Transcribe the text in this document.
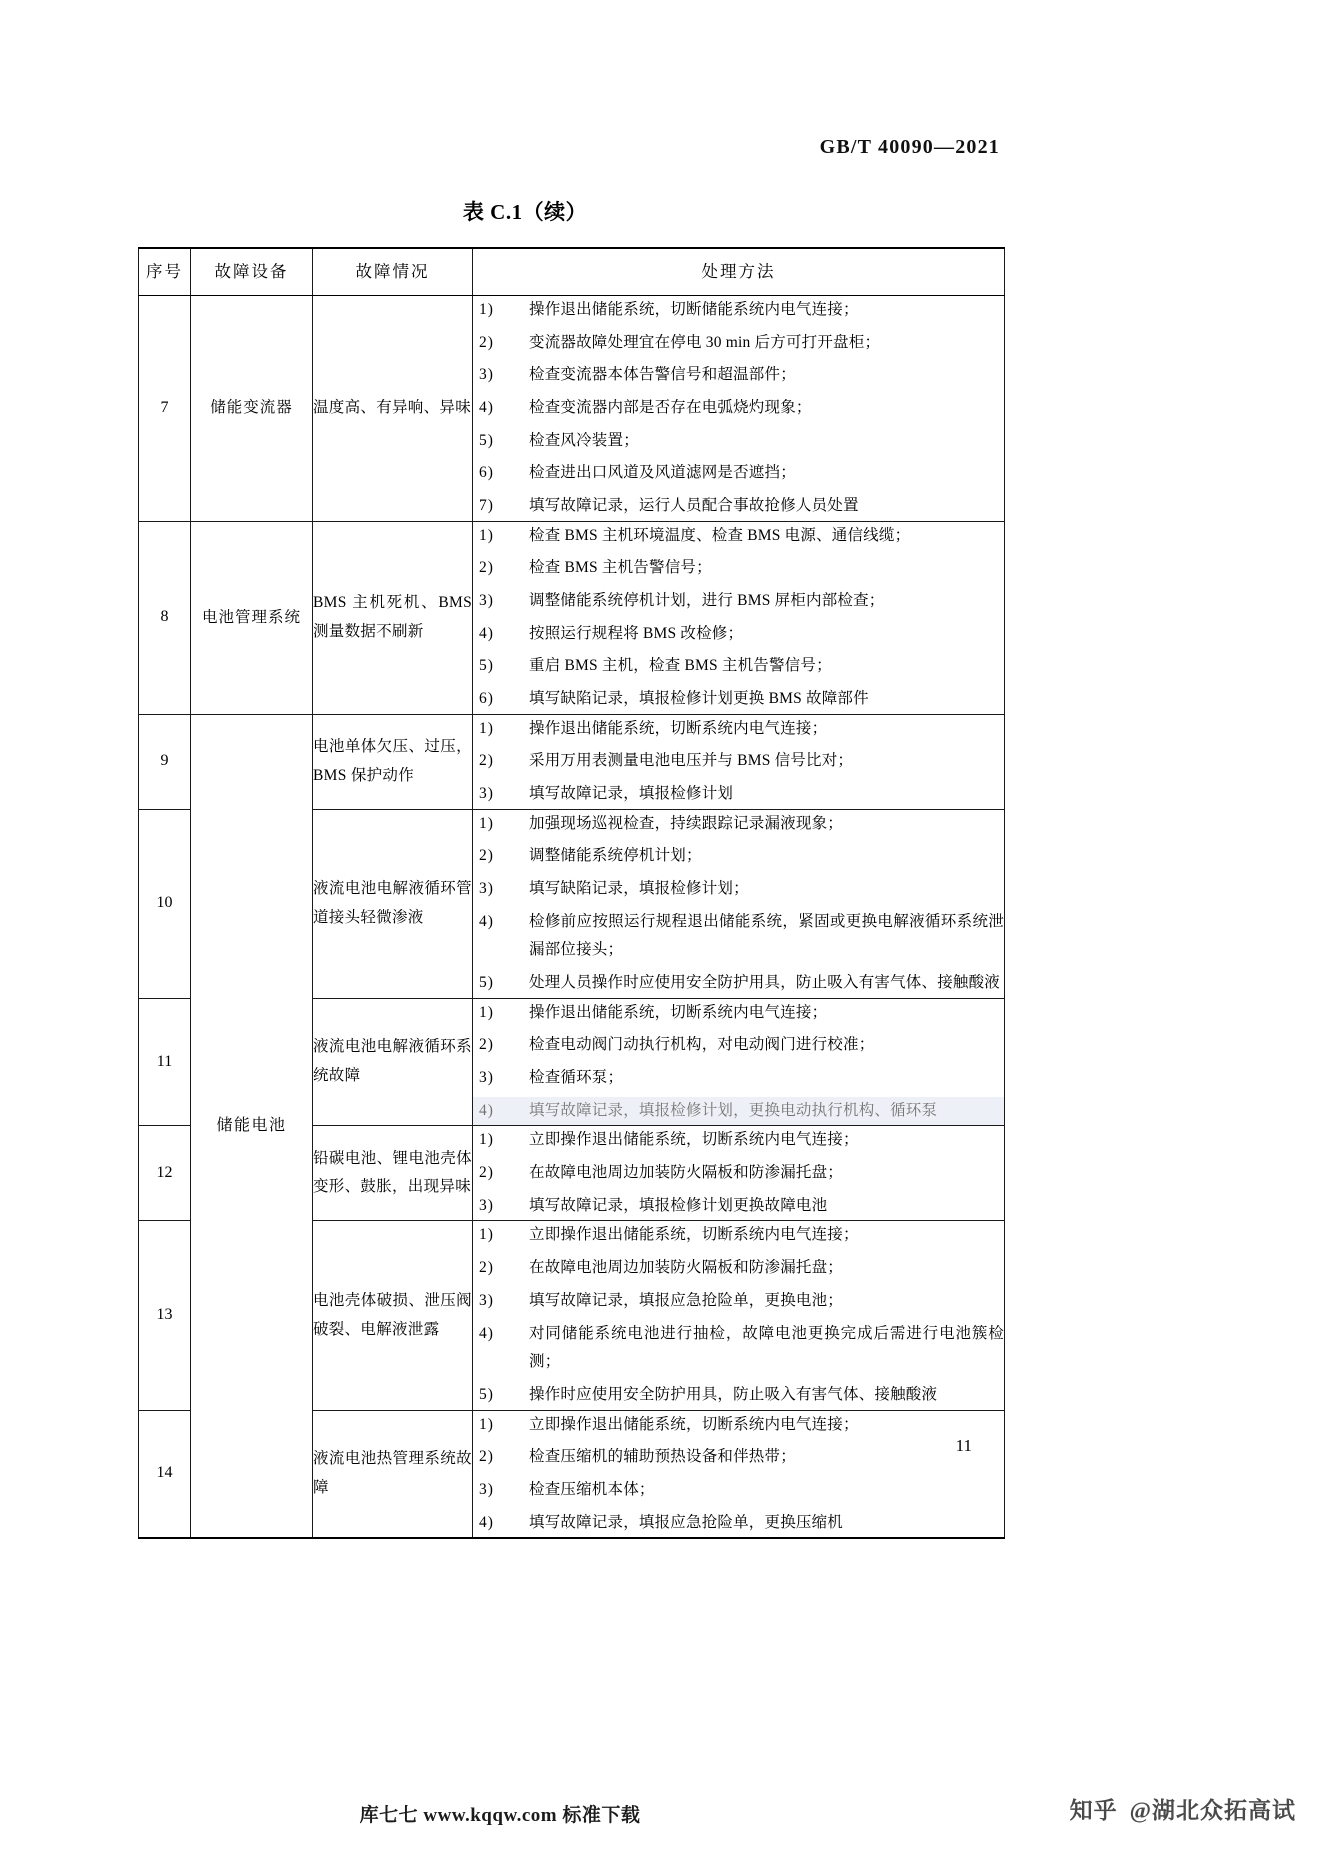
GB/T 40090—2021
表 C.1（续）
序号	故障设备	故障情况	处理方法
7	储能变流器	温度高、有异响、异味	
操作退出储能系统，切断储能系统内电气连接；
变流器故障处理宜在停电 30 min 后方可打开盘柜；
检查变流器本体告警信号和超温部件；
检查变流器内部是否存在电弧烧灼现象；
检查风冷装置；
检查进出口风道及风道滤网是否遮挡；
填写故障记录，运行人员配合事故抢修人员处置

8	电池管理系统	BMS 主机死机、BMS 测量数据不刷新	
检查 BMS 主机环境温度、检查 BMS 电源、通信线缆；
检查 BMS 主机告警信号；
调整储能系统停机计划，进行 BMS 屏柜内部检查；
按照运行规程将 BMS 改检修；
重启 BMS 主机，检查 BMS 主机告警信号；
填写缺陷记录，填报检修计划更换 BMS 故障部件

9	储能电池	电池单体欠压、过压，BMS 保护动作	
操作退出储能系统，切断系统内电气连接；
采用万用表测量电池电压并与 BMS 信号比对；
填写故障记录，填报检修计划

10	液流电池电解液循环管道接头轻微渗液	
加强现场巡视检查，持续跟踪记录漏液现象；
调整储能系统停机计划；
填写缺陷记录，填报检修计划；
检修前应按照运行规程退出储能系统，紧固或更换电解液循环系统泄漏部位接头；
处理人员操作时应使用安全防护用具，防止吸入有害气体、接触酸液

11	液流电池电解液循环系统故障	
操作退出储能系统，切断系统内电气连接；
检查电动阀门动执行机构，对电动阀门进行校准；
检查循环泵；
填写故障记录，填报检修计划，更换电动执行机构、循环泵

12	铅碳电池、锂电池壳体变形、鼓胀，出现异味	
立即操作退出储能系统，切断系统内电气连接；
在故障电池周边加装防火隔板和防渗漏托盘；
填写故障记录，填报检修计划更换故障电池

13	电池壳体破损、泄压阀破裂、电解液泄露	
立即操作退出储能系统，切断系统内电气连接；
在故障电池周边加装防火隔板和防渗漏托盘；
填写故障记录，填报应急抢险单，更换电池；
对同储能系统电池进行抽检，故障电池更换完成后需进行电池簇检测；
操作时应使用安全防护用具，防止吸入有害气体、接触酸液

14	液流电池热管理系统故障	
立即操作退出储能系统，切断系统内电气连接；
检查压缩机的辅助预热设备和伴热带；
检查压缩机本体；
填写故障记录，填报应急抢险单，更换压缩机
11
库七七 www.kqqw.com 标准下载	知乎 @湖北众拓高试
